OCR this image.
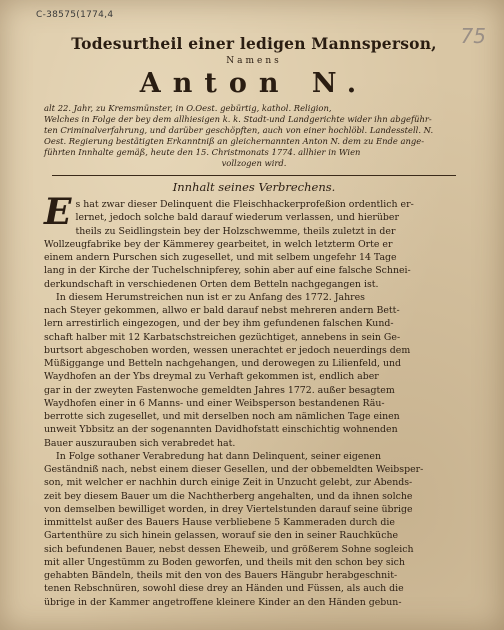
C-38575(1774,4
75
Todesurtheil einer ledigen Mannsperson,
Namens
Anton N.
alt 22. Jahr, zu Kremsmünster, in O.Oest. gebürtig, kathol. Religion,
Welches in Folge der bey dem allhiesigen k. k. Stadt-und Landgerichte wider ihn abgeführ-
ten Criminalverfahrung, und darüber geschöpften, auch von einer hochlöbl. Landesstell. N.
Oest. Regierung bestätigten Erkanntniß an gleichernannten Anton N. dem zu Ende ange-
führten Innhalte gemäß, heute den 15. Christmonats 1774. allhier in Wien
vollzogen wird.
Innhalt seines Verbrechens.
E s hat zwar dieser Delinquent die Fleischhackerprofeßion ordentlich er-
lernet, jedoch solche bald darauf wiederum verlassen, und hierüber
theils zu Seidlingstein bey der Holzschwemme, theils zuletzt in der
Wollzeugfabrike bey der Kämmerey gearbeitet, in welch letzterm Orte er
einem andern Purschen sich zugesellet, und mit selbem ungefehr 14 Tage
lang in der Kirche der Tuchelschnipferey, sohin aber auf eine falsche Schnei-
derkundschaft in verschiedenen Orten dem Betteln nachgegangen ist.
In diesem Herumstreichen nun ist er zu Anfang des 1772. Jahres
nach Steyer gekommen, allwo er bald darauf nebst mehreren andern Bett-
lern arrestirlich eingezogen, und der bey ihm gefundenen falschen Kund-
schaft halber mit 12 Karbatschstreichen gezüchtiget, annebens in sein Ge-
burtsort abgeschoben worden, wessen unerachtet er jedoch neuerdings dem
Müßiggange und Betteln nachgehangen, und derowegen zu Lilienfeld, und
Waydhofen an der Ybs dreymal zu Verhaft gekommen ist, endlich aber
gar in der zweyten Fastenwoche gemeldten Jahres 1772. außer besagtem
Waydhofen einer in 6 Manns- und einer Weibsperson bestandenen Räu-
berrotte sich zugesellet, und mit derselben noch am nämlichen Tage einen
unweit Ybbsitz an der sogenannten Davidhofstatt einschichtig wohnenden
Bauer auszurauben sich verabredet hat.
In Folge sothaner Verabredung hat dann Delinquent, seiner eigenen
Geständniß nach, nebst einem dieser Gesellen, und der obbemeldten Weibsper-
son, mit welcher er nachhin durch einige Zeit in Unzucht gelebt, zur Abends-
zeit bey diesem Bauer um die Nachtherberg angehalten, und da ihnen solche
von demselben bewilliget worden, in drey Viertelstunden darauf seine übrige
immittelst außer des Bauers Hause verbliebene 5 Kammeraden durch die
Gartenthüre zu sich hinein gelassen, worauf sie den in seiner Rauchküche
sich befundenen Bauer, nebst dessen Eheweib, und größerem Sohne sogleich
mit aller Ungestümm zu Boden geworfen, und theils mit den schon bey sich
gehabten Bändeln, theils mit den von des Bauers Hängubr herabgeschnit-
tenen Rebschnüren, sowohl diese drey an Händen und Füssen, als auch die
übrige in der Kammer angetroffene kleinere Kinder an den Händen gebun-
